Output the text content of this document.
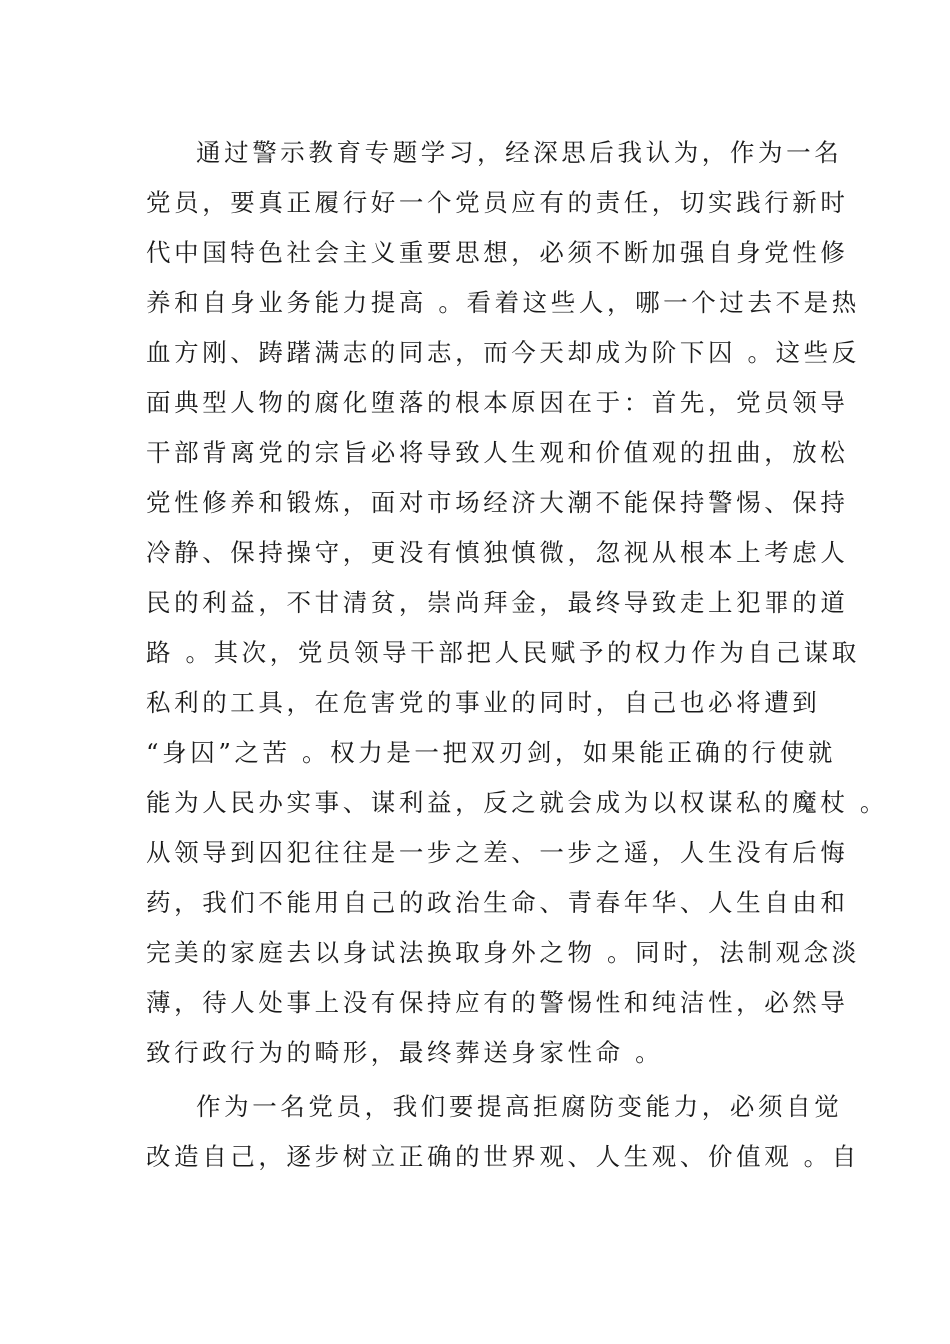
通过警示教育专题学习，经深思后我认为，作为一名
党员，要真正履行好一个党员应有的责任，切实践行新时
代中国特色社会主义重要思想，必须不断加强自身党性修
养和自身业务能力提高 。看着这些人，哪一个过去不是热
血方刚、踌躇满志的同志，而今天却成为阶下囚 。这些反
面典型人物的腐化堕落的根本原因在于：首先，党员领导
干部背离党的宗旨必将导致人生观和价值观的扭曲，放松
党性修养和锻炼，面对市场经济大潮不能保持警惕、保持
冷静、保持操守，更没有慎独慎微，忽视从根本上考虑人
民的利益，不甘清贫，崇尚拜金，最终导致走上犯罪的道
路 。其次，党员领导干部把人民赋予的权力作为自己谋取
私利的工具，在危害党的事业的同时，自己也必将遭到
“身囚”之苦 。权力是一把双刃剑，如果能正确的行使就
能为人民办实事、谋利益，反之就会成为以权谋私的魔杖 。
从领导到囚犯往往是一步之差、一步之遥，人生没有后悔
药，我们不能用自己的政治生命、青春年华、人生自由和
完美的家庭去以身试法换取身外之物 。同时，法制观念淡
薄，待人处事上没有保持应有的警惕性和纯洁性，必然导
致行政行为的畸形，最终葬送身家性命 。
作为一名党员，我们要提高拒腐防变能力，必须自觉
改造自己，逐步树立正确的世界观、人生观、价值观 。自
